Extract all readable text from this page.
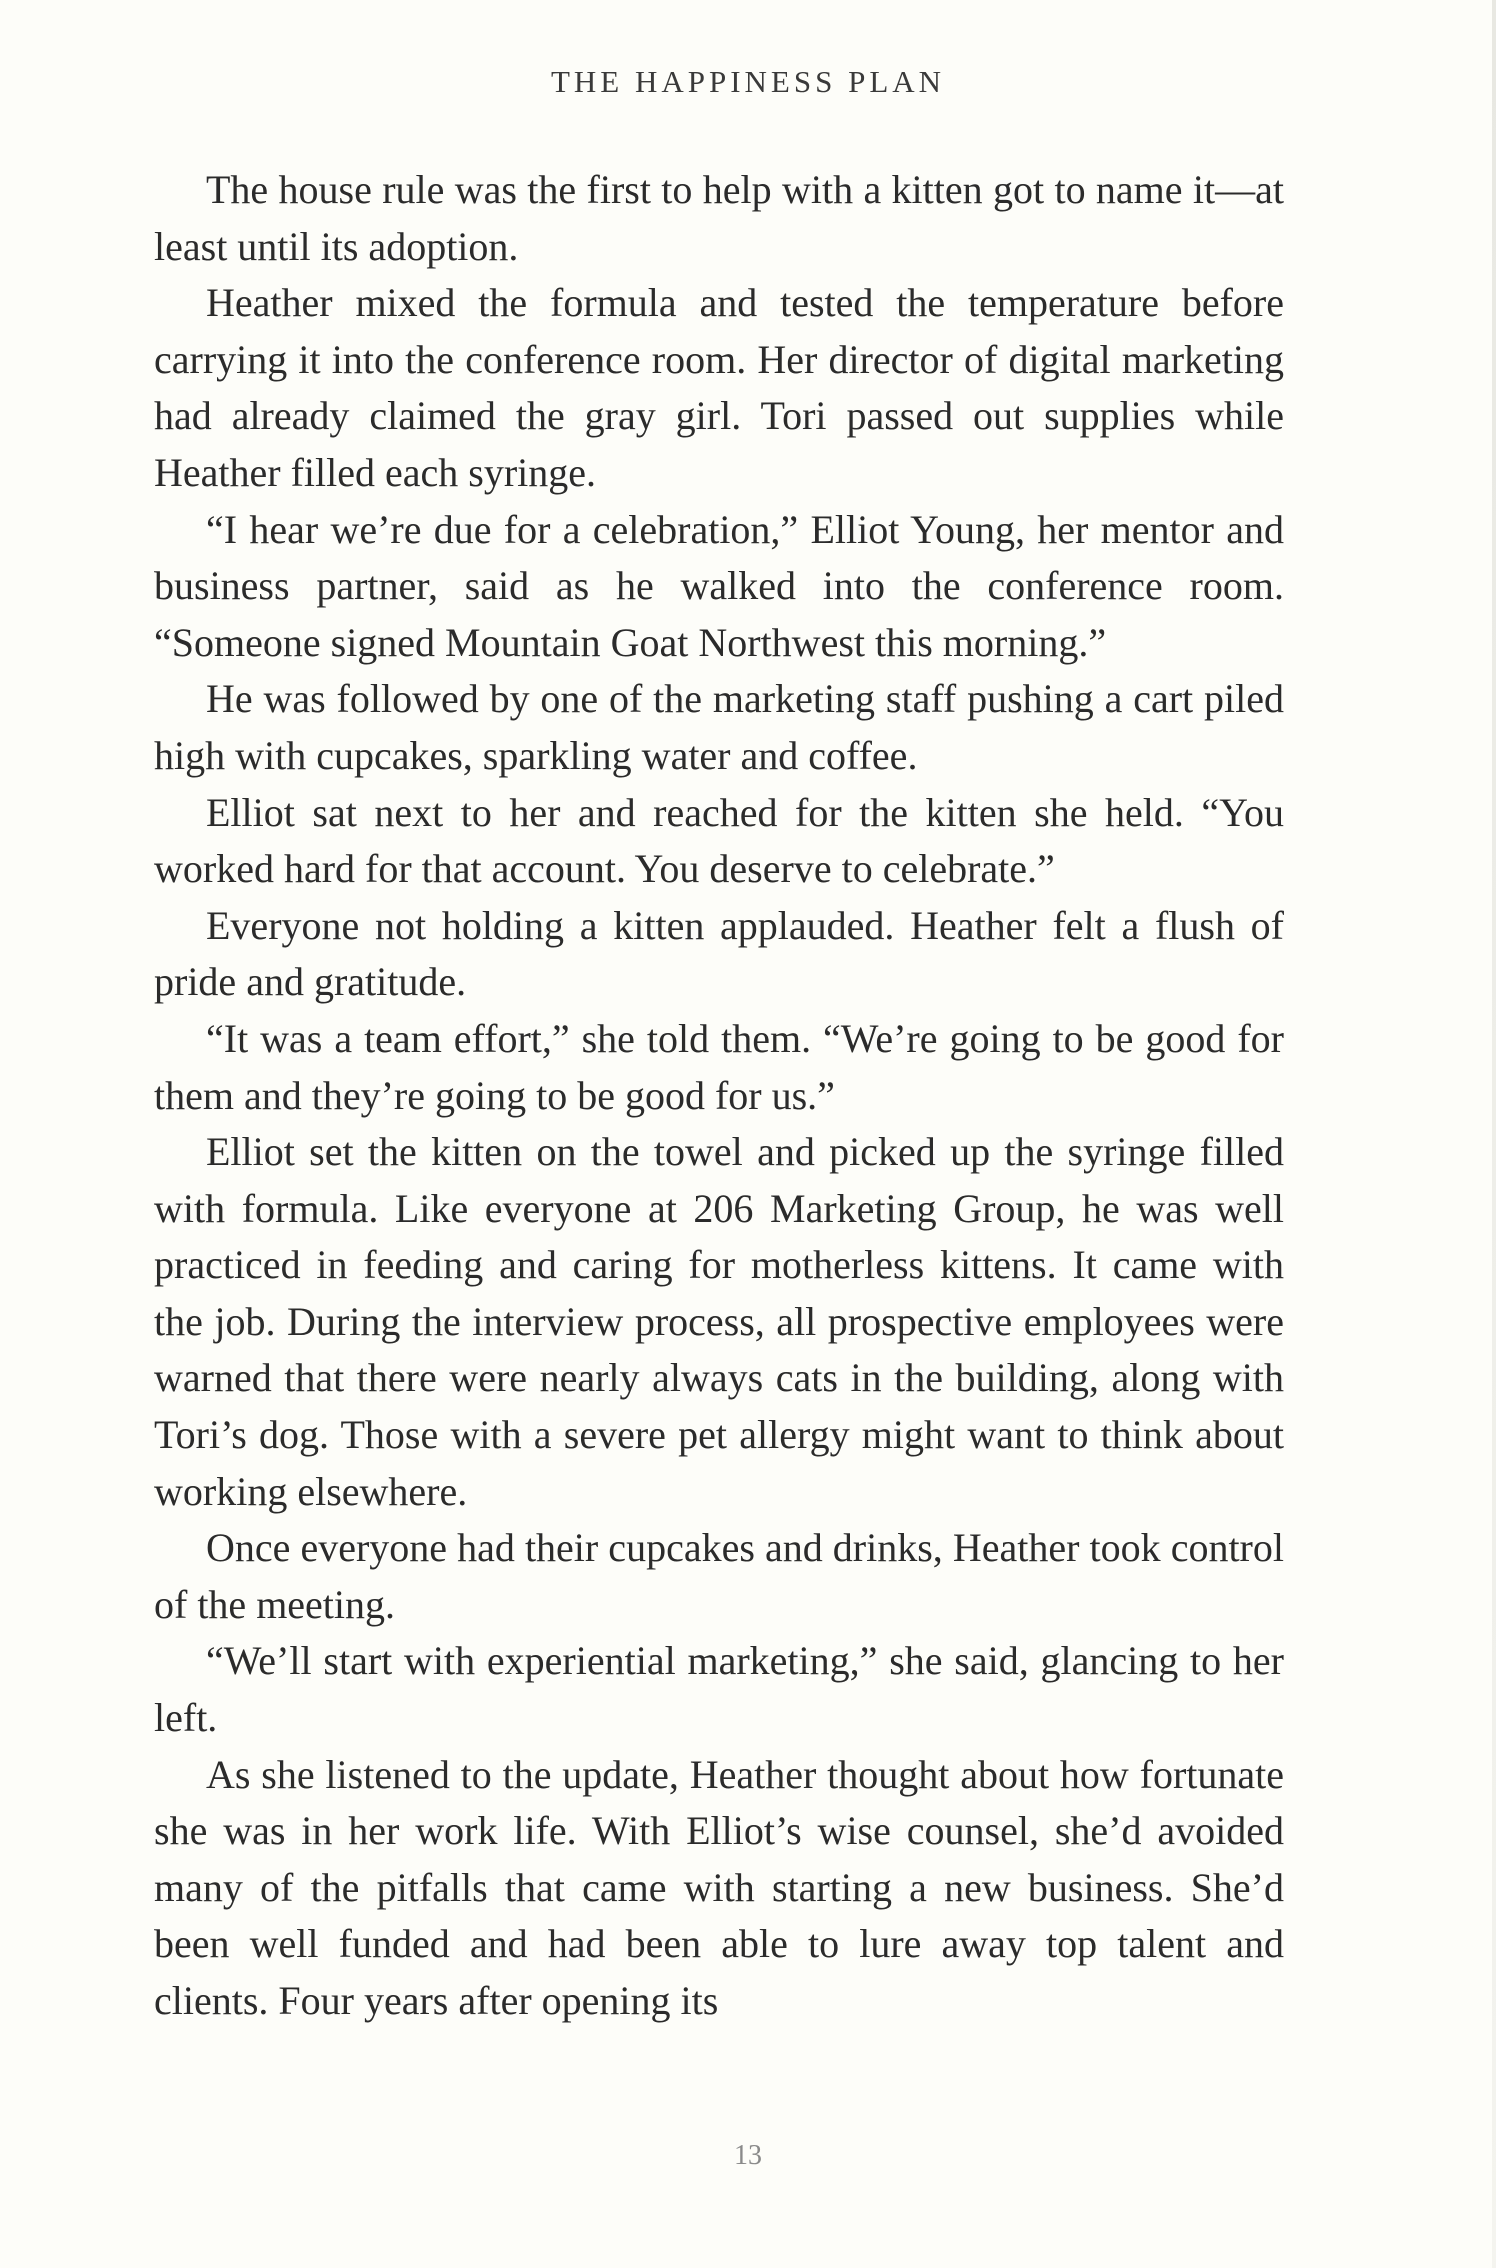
THE HAPPINESS PLAN

The house rule was the first to help with a kitten got to name it—at least until its adoption.

Heather mixed the formula and tested the temperature before carrying it into the conference room. Her director of digital marketing had already claimed the gray girl. Tori passed out supplies while Heather filled each syringe.

“I hear we’re due for a celebration,” Elliot Young, her mentor and business partner, said as he walked into the conference room. “Someone signed Mountain Goat Northwest this morning.”

He was followed by one of the marketing staff pushing a cart piled high with cupcakes, sparkling water and coffee.

Elliot sat next to her and reached for the kitten she held. “You worked hard for that account. You deserve to celebrate.”

Everyone not holding a kitten applauded. Heather felt a flush of pride and gratitude.

“It was a team effort,” she told them. “We’re going to be good for them and they’re going to be good for us.”

Elliot set the kitten on the towel and picked up the syringe filled with formula. Like everyone at 206 Marketing Group, he was well practiced in feeding and caring for motherless kittens. It came with the job. During the interview process, all prospective employees were warned that there were nearly always cats in the building, along with Tori’s dog. Those with a severe pet allergy might want to think about working elsewhere.

Once everyone had their cupcakes and drinks, Heather took control of the meeting.

“We’ll start with experiential marketing,” she said, glancing to her left.

As she listened to the update, Heather thought about how fortunate she was in her work life. With Elliot’s wise counsel, she’d avoided many of the pitfalls that came with starting a new business. She’d been well funded and had been able to lure away top talent and clients. Four years after opening its

13
